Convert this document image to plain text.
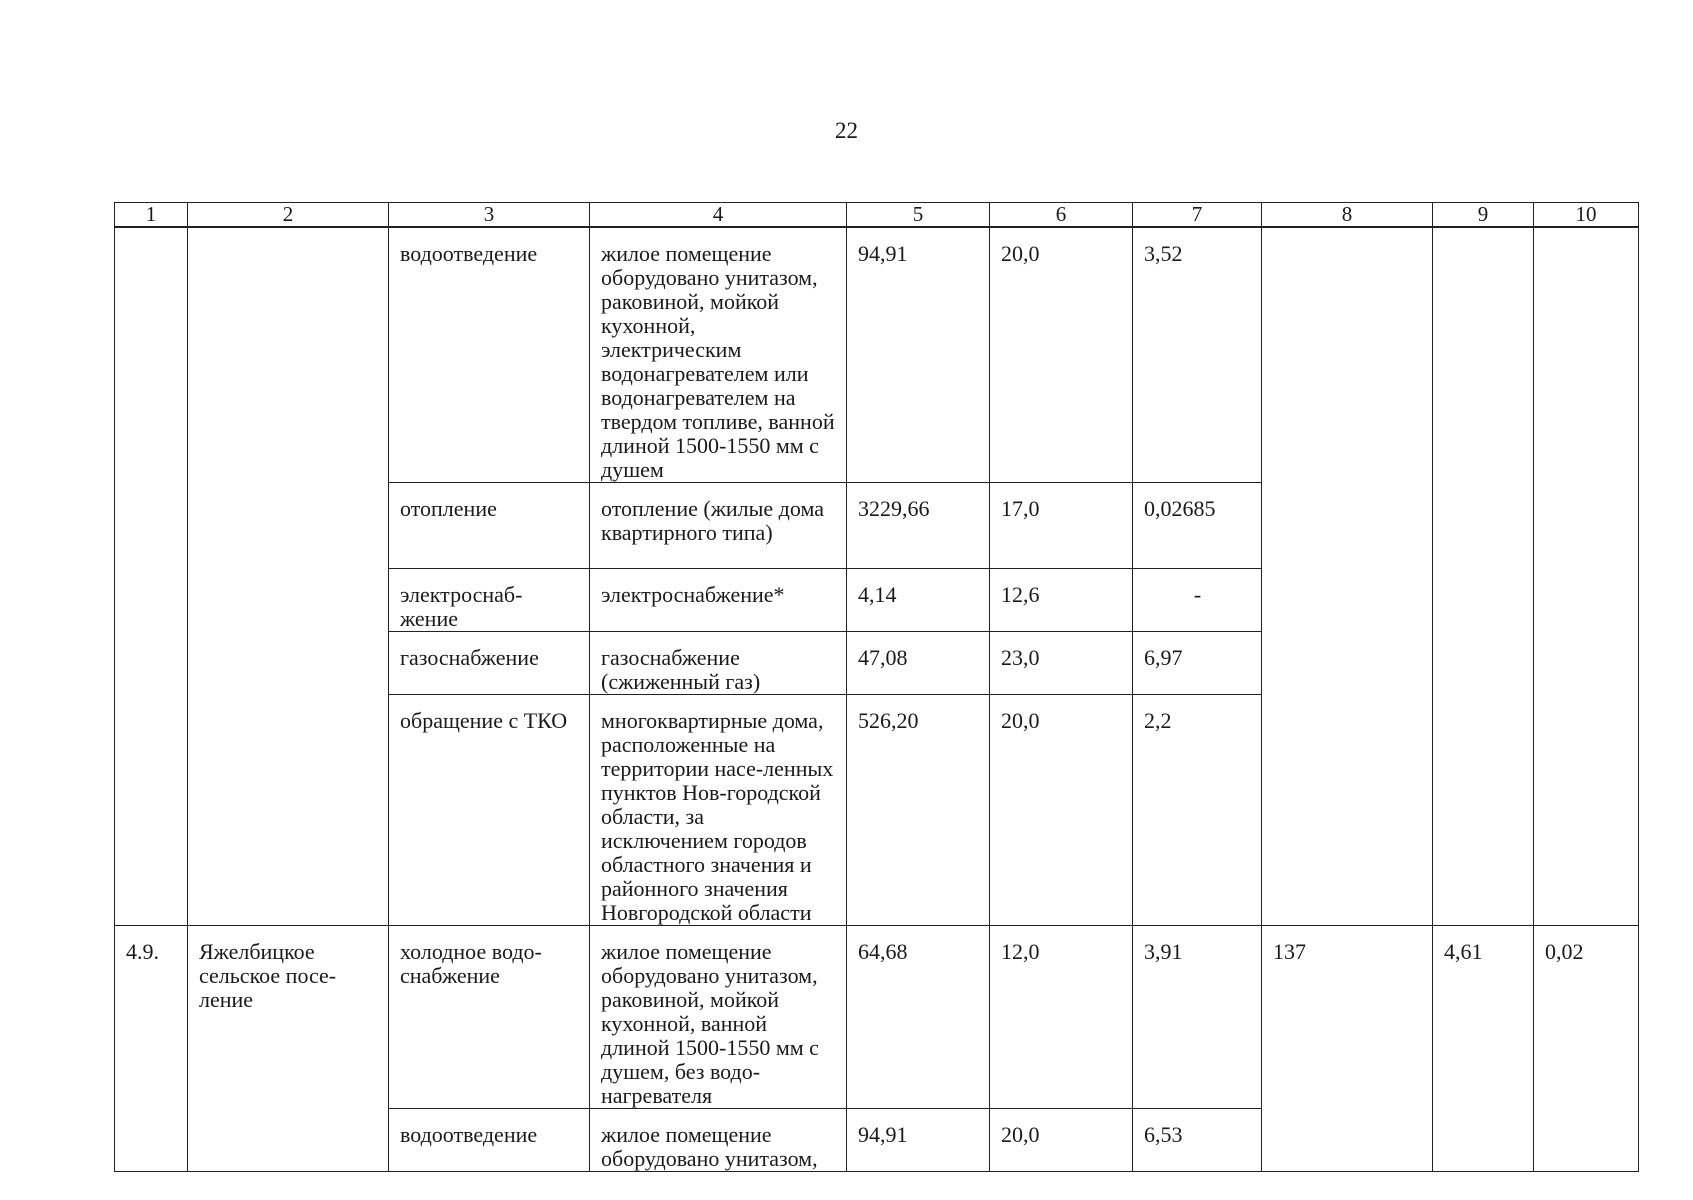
22
1	2	3	4	5	6	7	8	9	10
		водоотведение	жилое помещение оборудовано унитазом, раковиной, мойкой кухонной, электрическим водонагревателем или водонагревателем на твердом топливе, ванной длиной 1500-1550 мм с душем	94,91	20,0	3,52			
		отопление	отопление (жилые дома квартирного типа)	3229,66	17,0	0,02685			
		электроснаб-жение	электроснабжение*	4,14	12,6	-			
		газоснабжение	газоснабжение (сжиженный газ)	47,08	23,0	6,97			
		обращение с ТКО	многоквартирные дома, расположенные на территории насе-ленных пунктов Нов-городской области, за исключением городов областного значения и районного значения Новгородской области	526,20	20,0	2,2			
4.9.	Яжелбицкое сельское посе-ление	холодное водо-снабжение	жилое помещение оборудовано унитазом, раковиной, мойкой кухонной, ванной длиной 1500-1550 мм с душем, без водо-нагревателя	64,68	12,0	3,91	137	4,61	0,02
		водоотведение	жилое помещение оборудовано унитазом,	94,91	20,0	6,53			
